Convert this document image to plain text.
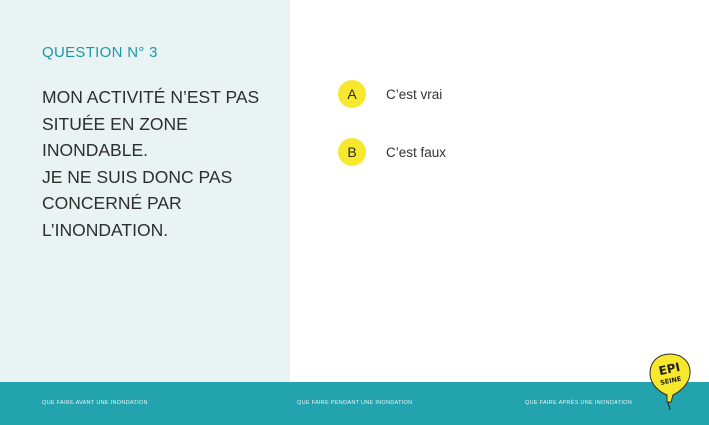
QUESTION N° 3
MON ACTIVITÉ N’EST PAS
SITUÉE EN ZONE
INONDABLE.
JE NE SUIS DONC PAS
CONCERNÉ PAR
L’INONDATION.
A	C’est vrai
B	C’est faux
QUE FAIRE AVANT UNE INONDATION	QUE FAIRE PENDANT UNE INONDATION	QUE FAIRE APRÈS UNE INONDATION
EPI
SEINE
